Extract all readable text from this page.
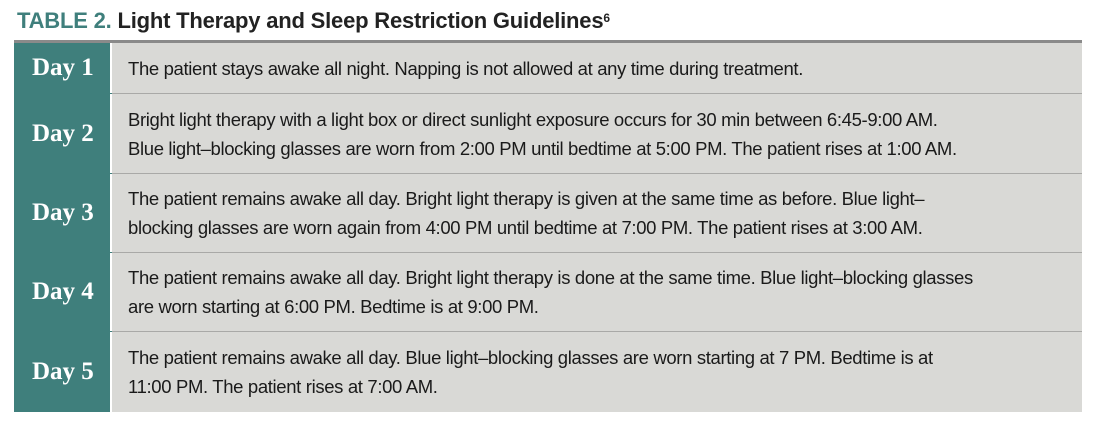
TABLE 2. Light Therapy and Sleep Restriction Guidelines$^6$
Day 1	The patient stays awake all night. Napping is not allowed at any time during treatment.
Day 2
Bright light therapy with a light box or direct sunlight exposure occurs for 30 min between 6:45-9:00 AM.
Blue light–blocking glasses are worn from 2:00 PM until bedtime at 5:00 PM. The patient rises at 1:00 AM.
Day 3
The patient remains awake all day. Bright light therapy is given at the same time as before. Blue light–
blocking glasses are worn again from 4:00 PM until bedtime at 7:00 PM. The patient rises at 3:00 AM.
Day 4
The patient remains awake all day. Bright light therapy is done at the same time. Blue light–blocking glasses
are worn starting at 6:00 PM. Bedtime is at 9:00 PM.
Day 5
The patient remains awake all day. Blue light–blocking glasses are worn starting at 7 PM. Bedtime is at
11:00 PM. The patient rises at 7:00 AM.
